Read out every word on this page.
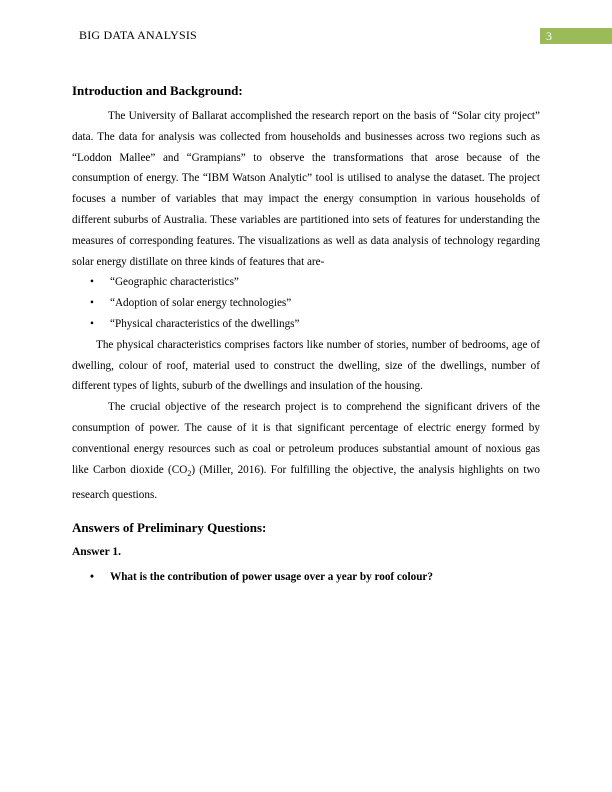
BIG DATA ANALYSIS	3
Introduction and Background:

The University of Ballarat accomplished the research report on the basis of “Solar city project” data. The data for analysis was collected from households and businesses across two regions such as “Loddon Mallee” and “Grampians” to observe the transformations that arose because of the consumption of energy. The “IBM Watson Analytic” tool is utilised to analyse the dataset. The project focuses a number of variables that may impact the energy consumption in various households of different suburbs of Australia. These variables are partitioned into sets of features for understanding the measures of corresponding features. The visualizations as well as data analysis of technology regarding solar energy distillate on three kinds of features that are-

• “Geographic characteristics”
• “Adoption of solar energy technologies”
• “Physical characteristics of the dwellings”

The physical characteristics comprises factors like number of stories, number of bedrooms, age of dwelling, colour of roof, material used to construct the dwelling, size of the dwellings, number of different types of lights, suburb of the dwellings and insulation of the housing.

The crucial objective of the research project is to comprehend the significant drivers of the consumption of power. The cause of it is that significant percentage of electric energy formed by conventional energy resources such as coal or petroleum produces substantial amount of noxious gas like Carbon dioxide $(CO_2)$ (Miller, 2016). For fulfilling the objective, the analysis highlights on two research questions.

Answers of Preliminary Questions:
Answer 1.
• What is the contribution of power usage over a year by roof colour?
